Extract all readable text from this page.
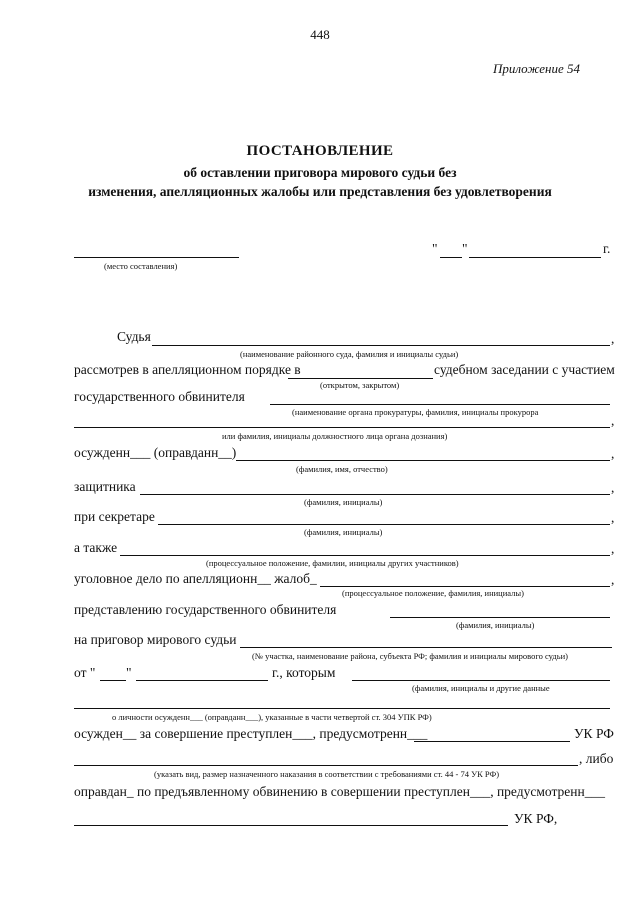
448
Приложение 54
ПОСТАНОВЛЕНИЕ
об оставлении приговора мирового судьи без
изменения, апелляционных жалобы или представления без удовлетворения
(место составления)
" "	г.
Судья	,
(наименование районного суда, фамилия и инициалы судьи)
рассмотрев в апелляционном порядке в	судебном заседании с участием
(открытом, закрытом)
государственного обвинителя
(наименование органа прокуратуры, фамилия, инициалы прокурора
,
или фамилия, инициалы должностного лица органа дознания)
осужденн___ (оправданн__)	,
(фамилия, имя, отчество)
защитника	,
(фамилия, инициалы)
при секретаре	,
(фамилия, инициалы)
а также	,
(процессуальное положение, фамилии, инициалы других участников)
уголовное дело по апелляционн__ жалоб_	,
(процессуальное положение, фамилия, инициалы)
представлению государственного обвинителя
(фамилия, инициалы)
на приговор мирового судьи
(№ участка, наименование района, субъекта РФ; фамилия и инициалы мирового судьи)
от " "	г., которым
(фамилия, инициалы и другие данные
о личности осужденн___ (оправданн___), указанные в части четвертой ст. 304 УПК РФ)
осужден__ за совершение преступлен___, предусмотренн___	УК РФ
, либо
(указать вид, размер назначенного наказания в соответствии с требованиями ст. 44 - 74 УК РФ)
оправдан_ по предъявленному обвинению в совершении преступлен___, предусмотренн___
УК РФ,
